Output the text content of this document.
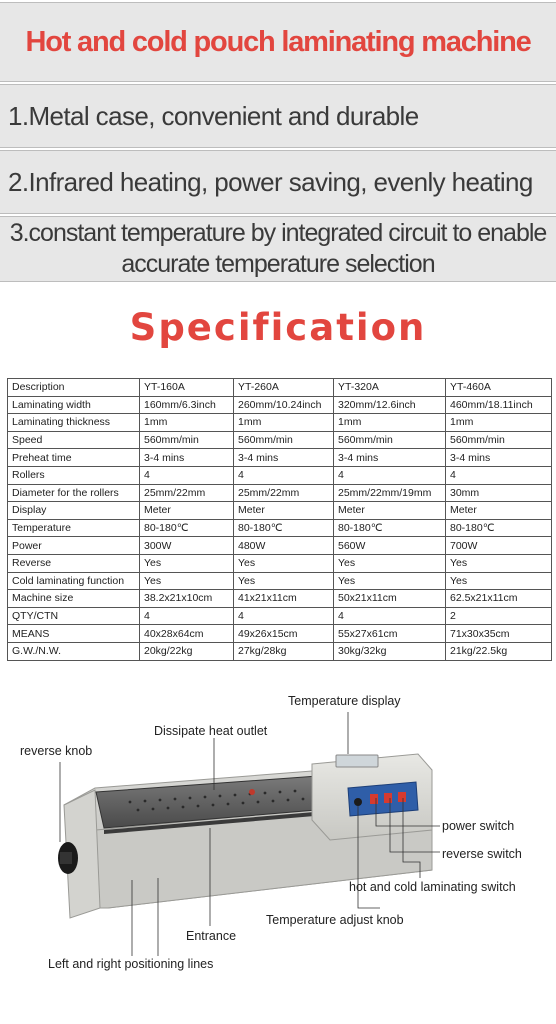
Hot and cold pouch laminating machine
1.Metal case, convenient and durable
2.Infrared heating, power saving, evenly heating
3.constant temperature by integrated circuit to enable
accurate temperature selection
Specification
Description	YT-160A	YT-260A	YT-320A	YT-460A
Laminating width	160mm/6.3inch	260mm/10.24inch	320mm/12.6inch	460mm/18.11inch
Laminating thickness	1mm	1mm	1mm	1mm
Speed	560mm/min	560mm/min	560mm/min	560mm/min
Preheat time	3-4 mins	3-4 mins	3-4 mins	3-4 mins
Rollers	4	4	4	4
Diameter for the rollers	25mm/22mm	25mm/22mm	25mm/22mm/19mm	30mm
Display	Meter	Meter	Meter	Meter
Temperature	80-180℃	80-180℃	80-180℃	80-180℃
Power	300W	480W	560W	700W
Reverse	Yes	Yes	Yes	Yes
Cold laminating function	Yes	Yes	Yes	Yes
Machine size	38.2x21x10cm	41x21x11cm	50x21x11cm	62.5x21x11cm
QTY/CTN	4	4	4	2
MEANS	40x28x64cm	49x26x15cm	55x27x61cm	71x30x35cm
G.W./N.W.	20kg/22kg	27kg/28kg	30kg/32kg	21kg/22.5kg
Temperature display
Dissipate heat outlet
reverse knob
power switch
reverse switch
hot and cold laminating switch
Temperature adjust knob
Entrance
Left and right positioning lines
